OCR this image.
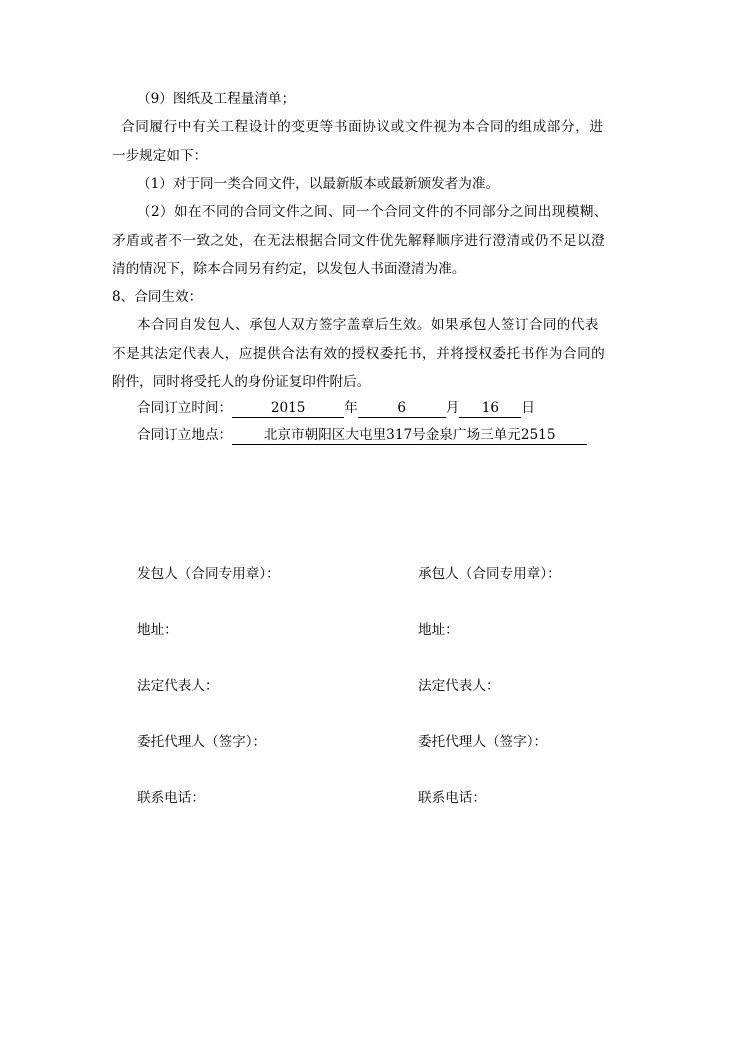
（9）图纸及工程量清单；
合同履行中有关工程设计的变更等书面协议或文件视为本合同的组成部分，进
一步规定如下：
（1）对于同一类合同文件，以最新版本或最新颁发者为准。
（2）如在不同的合同文件之间、同一个合同文件的不同部分之间出现模糊、
矛盾或者不一致之处，在无法根据合同文件优先解释顺序进行澄清或仍不足以澄
清的情况下，除本合同另有约定，以发包人书面澄清为准。
8、合同生效：
本合同自发包人、承包人双方签字盖章后生效。如果承包人签订合同的代表
不是其法定代表人，应提供合法有效的授权委托书，并将授权委托书作为合同的
附件，同时将受托人的身份证复印件附后。
合同订立时间：	2015	年	6	月 16 日
合同订立地点： 北京市朝阳区大屯里317号金泉广场三单元2515
发包人（合同专用章）：	承包人（合同专用章）：
地址：	地址：
法定代表人：	法定代表人：
委托代理人（签字）：	委托代理人（签字）：
联系电话：	联系电话：
